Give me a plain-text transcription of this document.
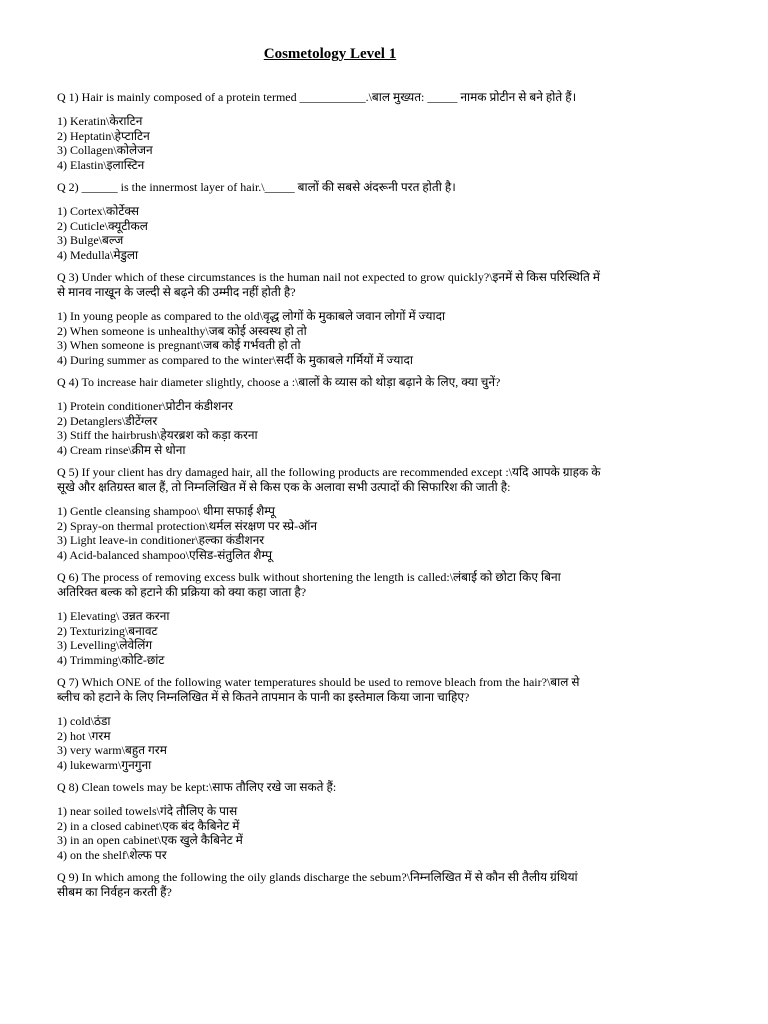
Cosmetology Level 1
Q 1) Hair is mainly composed of a protein termed ___________.\बाल मुख्यत: _____ नामक प्रोटीन से बने होते हैं।
1) Keratin\केराटिन
2) Heptatin\हेप्टाटिन
3) Collagen\कोलेजन
4) Elastin\इलास्टिन
Q 2) ______ is the innermost layer of hair.\_____ बालों की सबसे अंदरूनी परत होती है।
1) Cortex\कोर्टेक्स
2) Cuticle\क्यूटीकल
3) Bulge\बल्ज
4) Medulla\मेडुला
Q 3) Under which of these circumstances is the human nail not expected to grow quickly?\इनमें से किस परिस्थिति में से मानव नाखून के जल्दी से बढ़ने की उम्मीद नहीं होती है?
1) In young people as compared to the old\वृद्ध लोगों के मुकाबले जवान लोगों में ज्यादा
2) When someone is unhealthy\जब कोई अस्वस्थ हो तो
3) When someone is pregnant\जब कोई गर्भवती हो तो
4) During summer as compared to the winter\सर्दी के मुकाबले गर्मियों में ज्यादा
Q 4) To increase hair diameter slightly, choose a :\बालों के व्यास को थोड़ा बढ़ाने के लिए, क्या चुनें?
1) Protein conditioner\प्रोटीन कंडीशनर
2) Detanglers\डीटेंग्लर
3) Stiff the hairbrush\हेयरब्रश को कड़ा करना
4) Cream rinse\क्रीम से धोना
Q 5) If your client has dry damaged hair, all the following products are recommended except :\यदि आपके ग्राहक के सूखे और क्षतिग्रस्त बाल हैं, तो निम्नलिखित में से किस एक के अलावा सभी उत्पादों की सिफारिश की जाती है:
1) Gentle cleansing shampoo\ धीमा सफाई शैम्पू
2) Spray-on thermal protection\थर्मल संरक्षण पर स्प्रे-ऑन
3) Light leave-in conditioner\हल्का कंडीशनर
4) Acid-balanced shampoo\एसिड-संतुलित शैम्पू
Q 6) The process of removing excess bulk without shortening the length is called:\लंबाई को छोटा किए बिना अतिरिक्त बल्क को हटाने की प्रक्रिया को क्या कहा जाता है?
1) Elevating\ उन्नत करना
2) Texturizing\बनावट
3) Levelling\लेवेलिंग
4) Trimming\कोटि-छांट
Q 7) Which ONE of the following water temperatures should be used to remove bleach from the hair?\बाल से ब्लीच को हटाने के लिए निम्नलिखित में से कितने तापमान के पानी का इस्तेमाल किया जाना चाहिए?
1) cold\ठंडा
2) hot \गरम
3) very warm\बहुत गरम
4) lukewarm\गुनगुना
Q 8) Clean towels may be kept:\साफ तौलिए रखे जा सकते हैं:
1) near soiled towels\गंदे तौलिए के पास
2) in a closed cabinet\एक बंद कैबिनेट में
3) in an open cabinet\एक खुले कैबिनेट में
4) on the shelf\शेल्फ पर
Q 9) In which among the following the oily glands discharge the sebum?\निम्नलिखित में से कौन सी तैलीय ग्रंथियां सीबम का निर्वहन करती हैं?
